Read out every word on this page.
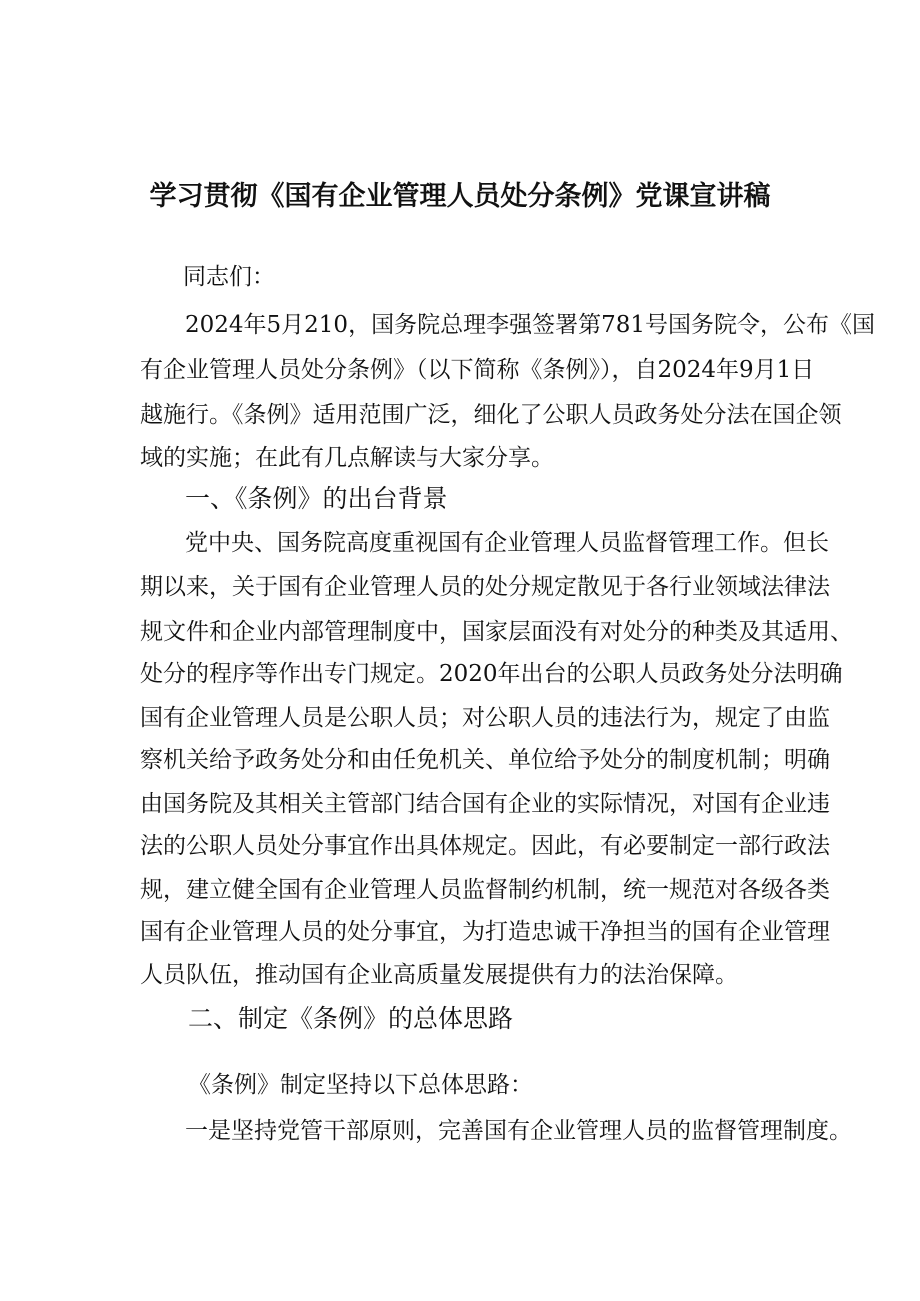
学习贯彻《国有企业管理人员处分条例》党课宣讲稿
同志们：
2024年5月210，国务院总理李强签署第781号国务院令，公布《国
有企业管理人员处分条例》（以下简称《条例》），自2024年9月1日
越施行。《条例》适用范围广泛，细化了公职人员政务处分法在国企领
域的实施；在此有几点解读与大家分享。
一、《条例》的出台背景
党中央、国务院高度重视国有企业管理人员监督管理工作。但长
期以来，关于国有企业管理人员的处分规定散见于各行业领域法律法
规文件和企业内部管理制度中，国家层面没有对处分的种类及其适用、
处分的程序等作出专门规定。2020年出台的公职人员政务处分法明确
国有企业管理人员是公职人员；对公职人员的违法行为，规定了由监
察机关给予政务处分和由任免机关、单位给予处分的制度机制；明确
由国务院及其相关主管部门结合国有企业的实际情况，对国有企业违
法的公职人员处分事宜作出具体规定。因此，有必要制定一部行政法
规，建立健全国有企业管理人员监督制约机制，统一规范对各级各类
国有企业管理人员的处分事宜，为打造忠诚干净担当的国有企业管理
人员队伍，推动国有企业高质量发展提供有力的法治保障。
二、制定《条例》的总体思路
《条例》制定坚持以下总体思路：
一是坚持党管干部原则，完善国有企业管理人员的监督管理制度。
